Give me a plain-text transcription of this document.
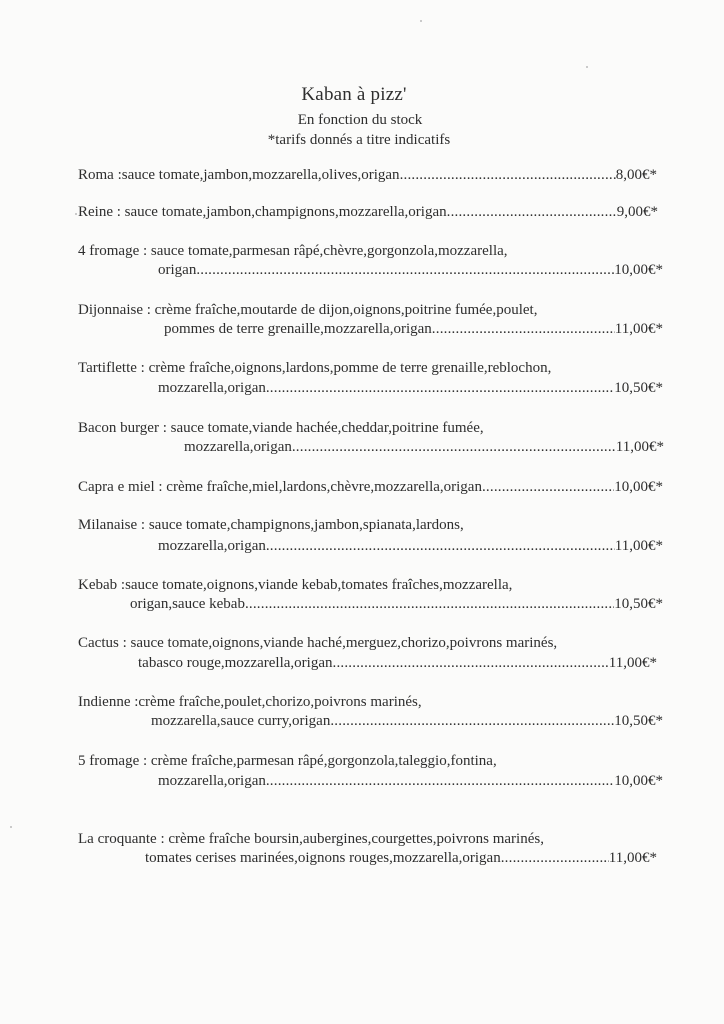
Kaban à pizz'
En fonction du stock
*tarifs donnés a titre indicatifs
Roma :sauce tomate,jambon,mozzarella,olives,origan .....	8,00€*
Reine : sauce tomate,jambon,champignons,mozzarella,origan .....	9,00€*
4 fromage : sauce tomate,parmesan râpé,chèvre,gorgonzola,mozzarella,
origan .....	10,00€*
Dijonnaise : crème fraîche,moutarde de dijon,oignons,poitrine fumée,poulet,
pommes de terre grenaille,mozzarella,origan .....	11,00€*
Tartiflette : crème fraîche,oignons,lardons,pomme de terre grenaille,reblochon,
mozzarella,origan .....	10,50€*
Bacon burger : sauce tomate,viande hachée,cheddar,poitrine fumée,
mozzarella,origan .....	11,00€*
Capra e miel : crème fraîche,miel,lardons,chèvre,mozzarella,origan .....	10,00€*
Milanaise : sauce tomate,champignons,jambon,spianata,lardons,
mozzarella,origan .....	11,00€*
Kebab :sauce tomate,oignons,viande kebab,tomates fraîches,mozzarella,
origan,sauce kebab .....	10,50€*
Cactus : sauce tomate,oignons,viande haché,merguez,chorizo,poivrons marinés,
tabasco rouge,mozzarella,origan .....	11,00€*
Indienne :crème fraîche,poulet,chorizo,poivrons marinés,
mozzarella,sauce curry,origan .....	10,50€*
5 fromage : crème fraîche,parmesan râpé,gorgonzola,taleggio,fontina,
mozzarella,origan .....	10,00€*
La croquante : crème fraîche boursin,aubergines,courgettes,poivrons marinés,
tomates cerises marinées,oignons rouges,mozzarella,origan .....	11,00€*
